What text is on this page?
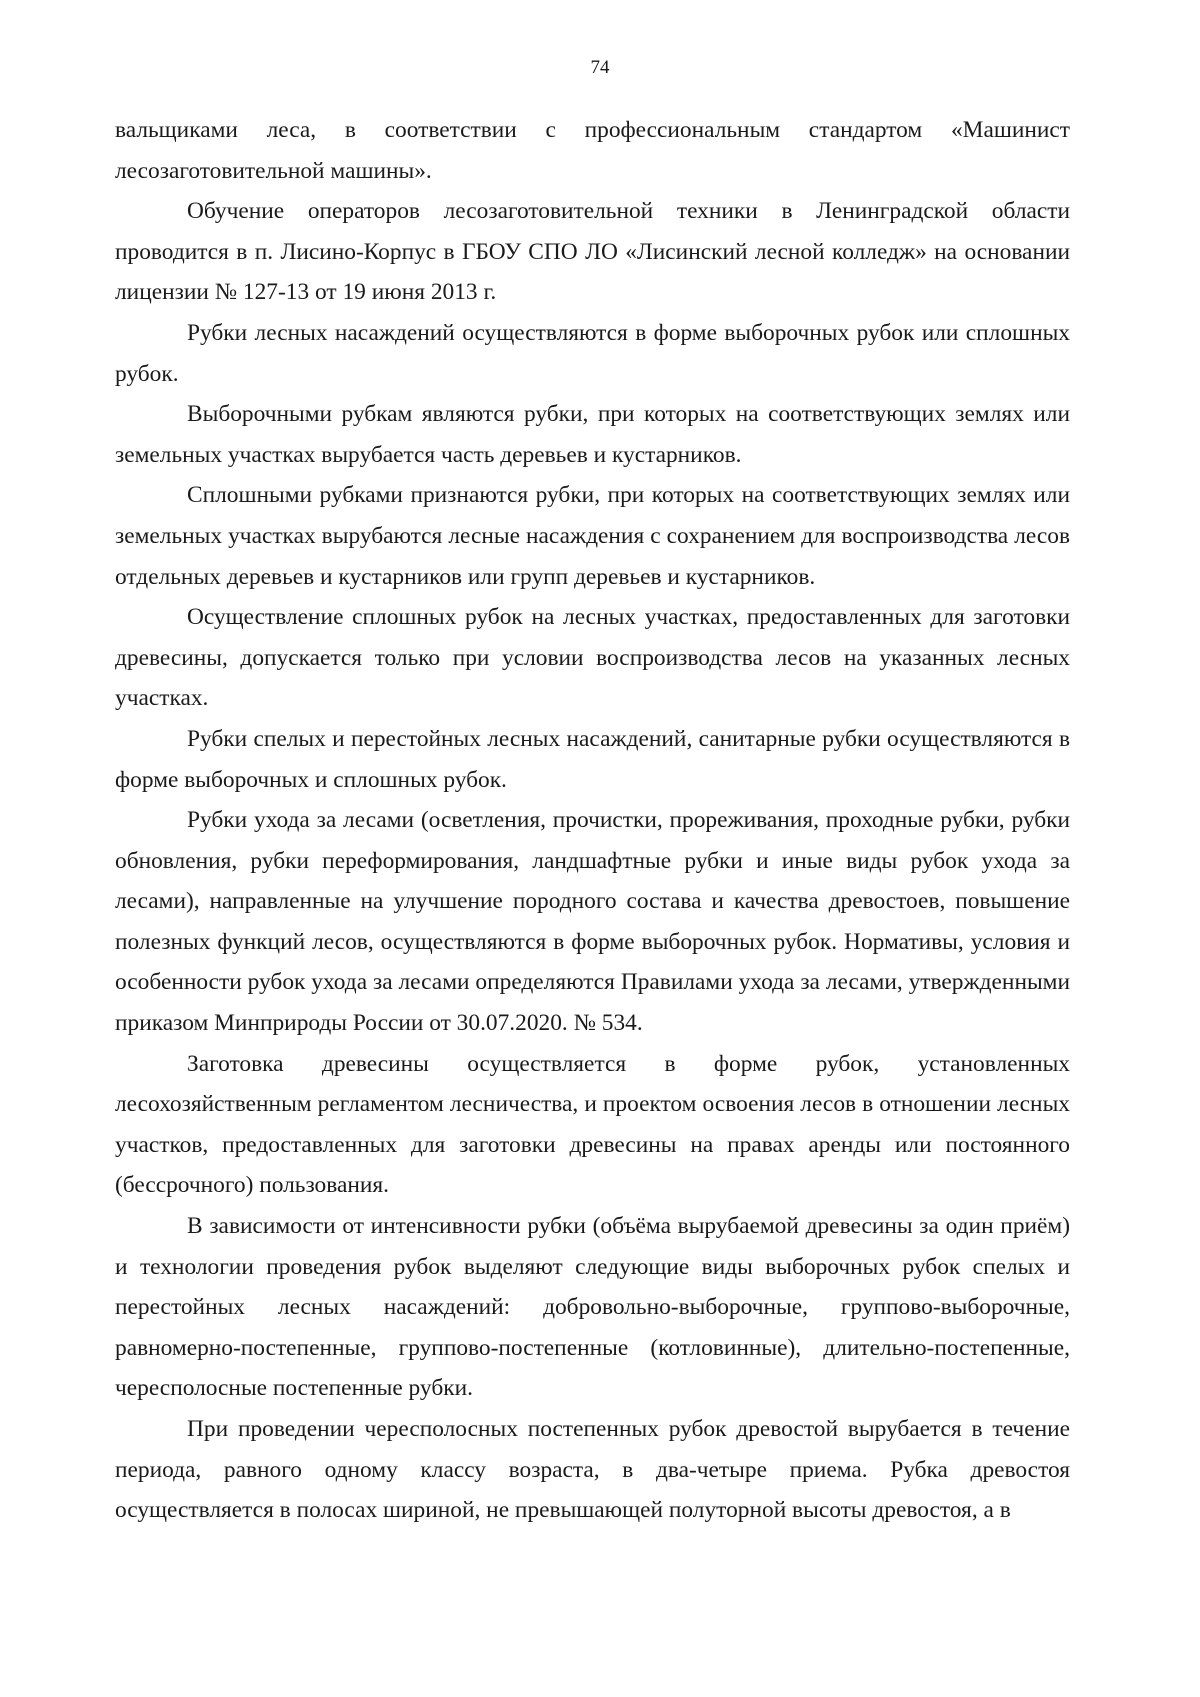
74

вальщиками леса, в соответствии с профессиональным стандартом «Машинист лесозаготовительной машины».

Обучение операторов лесозаготовительной техники в Ленинградской области проводится в п. Лисино-Корпус в ГБОУ СПО ЛО «Лисинский лесной колледж» на основании лицензии № 127-13 от 19 июня 2013 г.

Рубки лесных насаждений осуществляются в форме выборочных рубок или сплошных рубок.

Выборочными рубкам являются рубки, при которых на соответствующих землях или земельных участках вырубается часть деревьев и кустарников.

Сплошными рубками признаются рубки, при которых на соответствующих землях или земельных участках вырубаются лесные насаждения с сохранением для воспроизводства лесов отдельных деревьев и кустарников или групп деревьев и кустарников.

Осуществление сплошных рубок на лесных участках, предоставленных для заготовки древесины, допускается только при условии воспроизводства лесов на указанных лесных участках.

Рубки спелых и перестойных лесных насаждений, санитарные рубки осуществляются в форме выборочных и сплошных рубок.

Рубки ухода за лесами (осветления, прочистки, прореживания, проходные рубки, рубки обновления, рубки переформирования, ландшафтные рубки и иные виды рубок ухода за лесами), направленные на улучшение породного состава и качества древостоев, повышение полезных функций лесов, осуществляются в форме выборочных рубок. Нормативы, условия и особенности рубок ухода за лесами определяются Правилами ухода за лесами, утвержденными приказом Минприроды России от 30.07.2020. № 534.

Заготовка древесины осуществляется в форме рубок, установленных лесохозяйственным регламентом лесничества, и проектом освоения лесов в отношении лесных участков, предоставленных для заготовки древесины на правах аренды или постоянного (бессрочного) пользования.

В зависимости от интенсивности рубки (объёма вырубаемой древесины за один приём) и технологии проведения рубок выделяют следующие виды выборочных рубок спелых и перестойных лесных насаждений: добровольно-выборочные, группово-выборочные, равномерно-постепенные, группово-постепенные (котловинные), длительно-постепенные, чересполосные постепенные рубки.

При проведении чересполосных постепенных рубок древостой вырубается в течение периода, равного одному классу возраста, в два-четыре приема. Рубка древостоя осуществляется в полосах шириной, не превышающей полуторной высоты древостоя, а в
